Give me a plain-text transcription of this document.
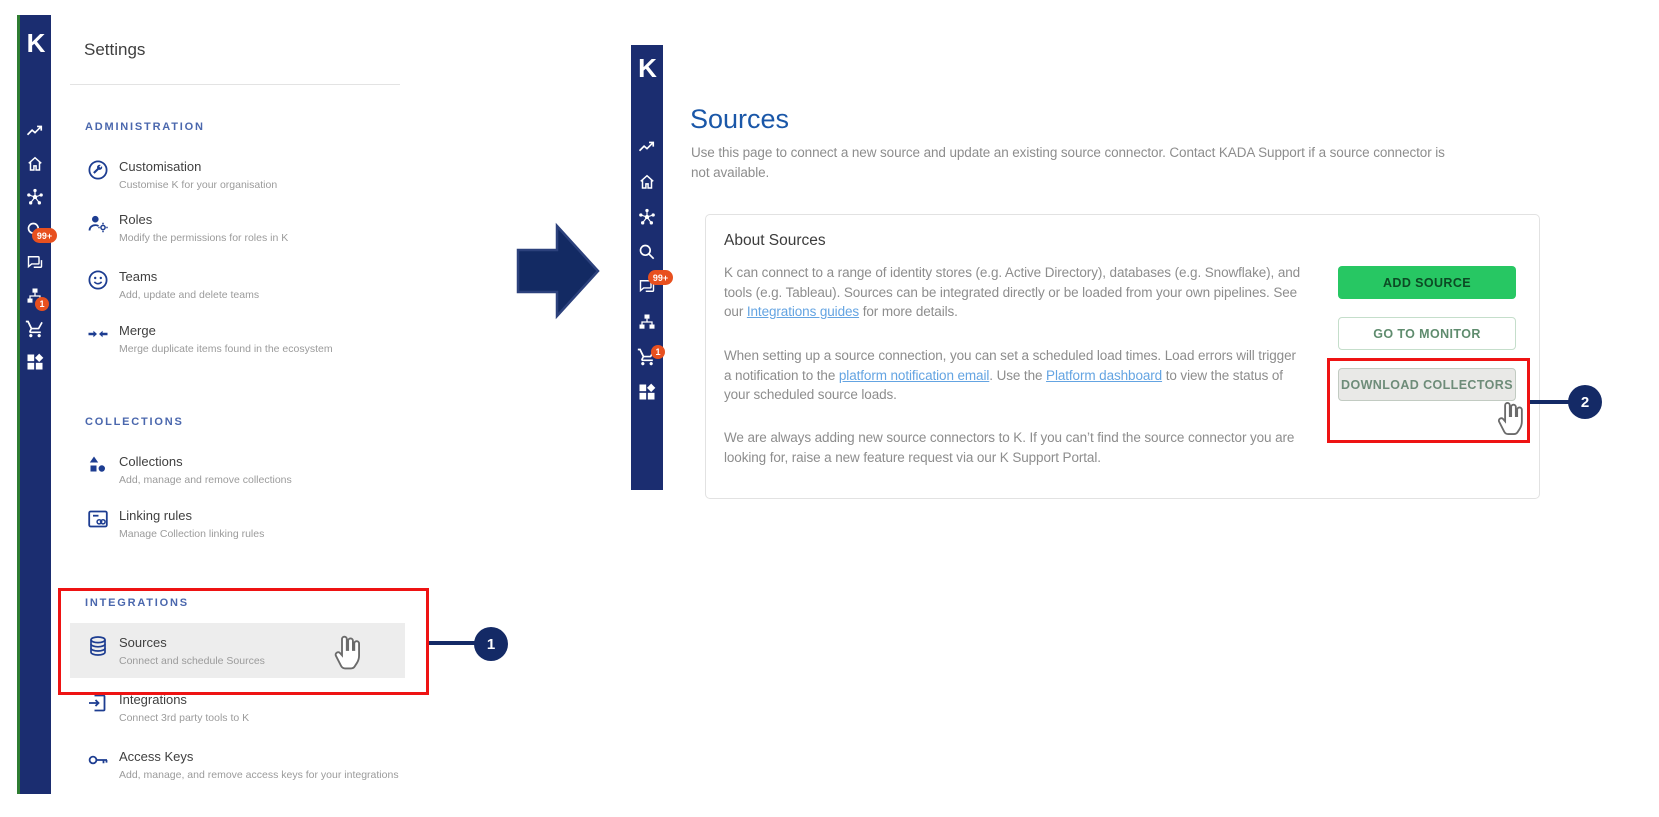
K
99+
1
Settings
ADMINISTRATION
Customisation
Customise K for your organisation
Roles
Modify the permissions for roles in K
Teams
Add, update and delete teams
Merge
Merge duplicate items found in the ecosystem
COLLECTIONS
Collections
Add, manage and remove collections
Linking rules
Manage Collection linking rules
INTEGRATIONS
Sources
Connect and schedule Sources
Integrations
Connect 3rd party tools to K
Access Keys
Add, manage, and remove access keys for your integrations
K
99+
1
Sources

Use this page to connect a new source and update an existing source connector. Contact KADA Support if a source connector is not available.

About Sources

K can connect to a range of identity stores (e.g. Active Directory), databases (e.g. Snowflake), and tools (e.g. Tableau). Sources can be integrated directly or be loaded from your own pipelines. See our Integrations guides for more details.

When setting up a source connection, you can set a scheduled load times. Load errors will trigger a notification to the platform notification email. Use the Platform dashboard to view the status of your scheduled source loads.

We are always adding new source connectors to K. If you can’t find the source connector you are looking for, raise a new feature request via our K Support Portal.

ADD SOURCE
GO TO MONITOR
DOWNLOAD COLLECTORS
1
2
